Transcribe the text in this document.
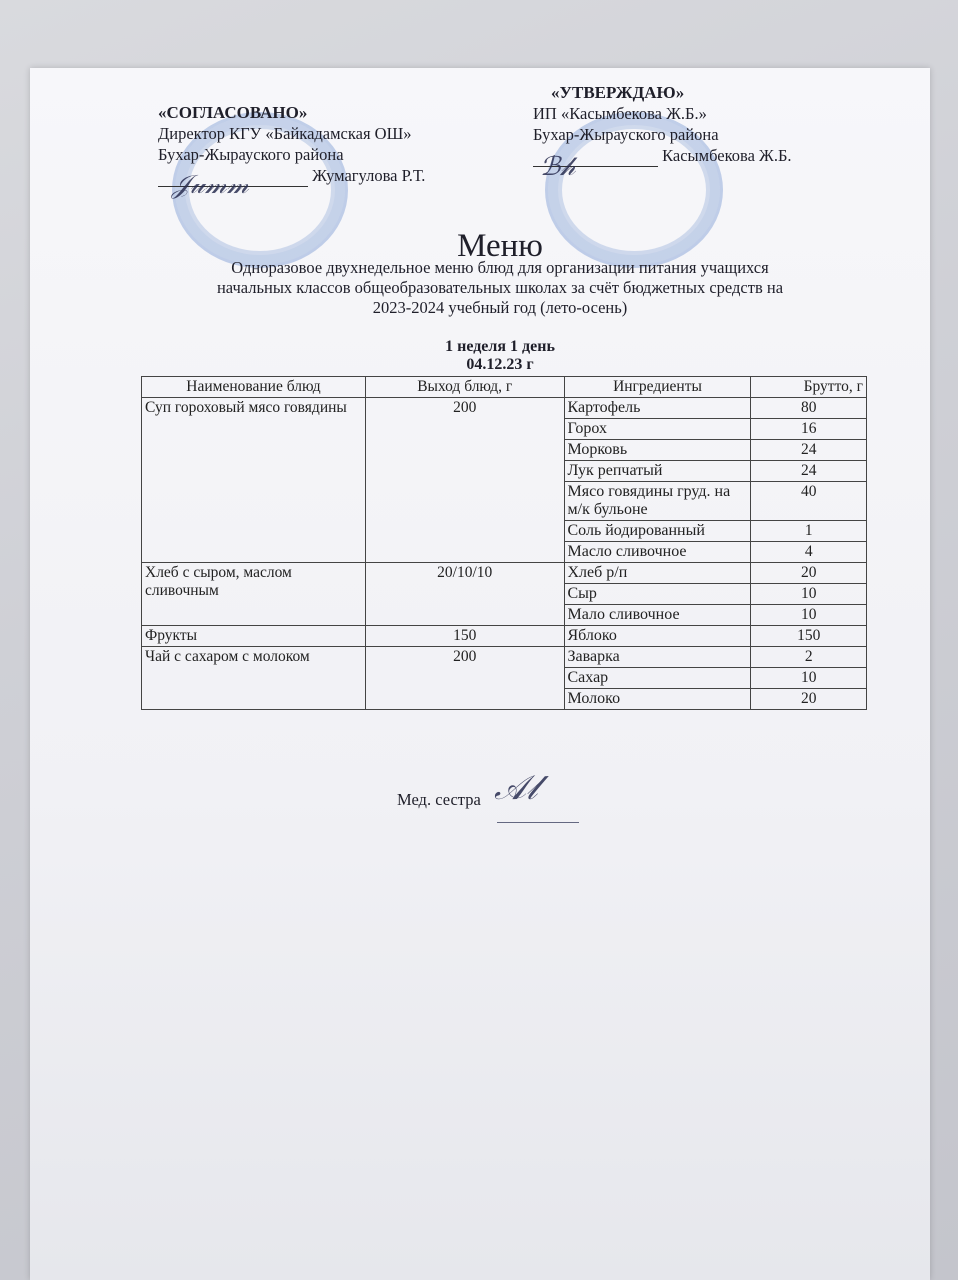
«СОГЛАСОВАНО»
Директор КГУ «Байкадамская ОШ»
Бухар-Жырауского района
Жумагулова Р.Т.
𝒥𝓊𝓂𝓂
«УТВЕРЖДАЮ»
ИП «Касымбекова Ж.Б.»
Бухар-Жырауского района
Касымбекова Ж.Б.
ℬ𝒽
Меню
Одноразовое двухнедельное меню блюд для организации питания учащихся
начальных классов общеобразовательных школах за счёт бюджетных средств на
2023-2024 учебный год (лето-осень)
1 неделя 1 день
04.12.23 г
Наименование блюд	Выход блюд, г	Ингредиенты	Брутто, г
Суп гороховый мясо говядины	200	Картофель	80
		Горох	16
		Морковь	24
		Лук репчатый	24
		Мясо говядины груд. на м/к бульоне	40
		Соль йодированный	1
		Масло сливочное	4
Хлеб с сыром, маслом сливочным	20/10/10	Хлеб р/п	20
		Сыр	10
		Мало сливочное	10
Фрукты	150	Яблоко	150
Чай с сахаром с молоком	200	Заварка	2
		Сахар	10
		Молоко	20
Мед. сестра 𝒜𝓁
